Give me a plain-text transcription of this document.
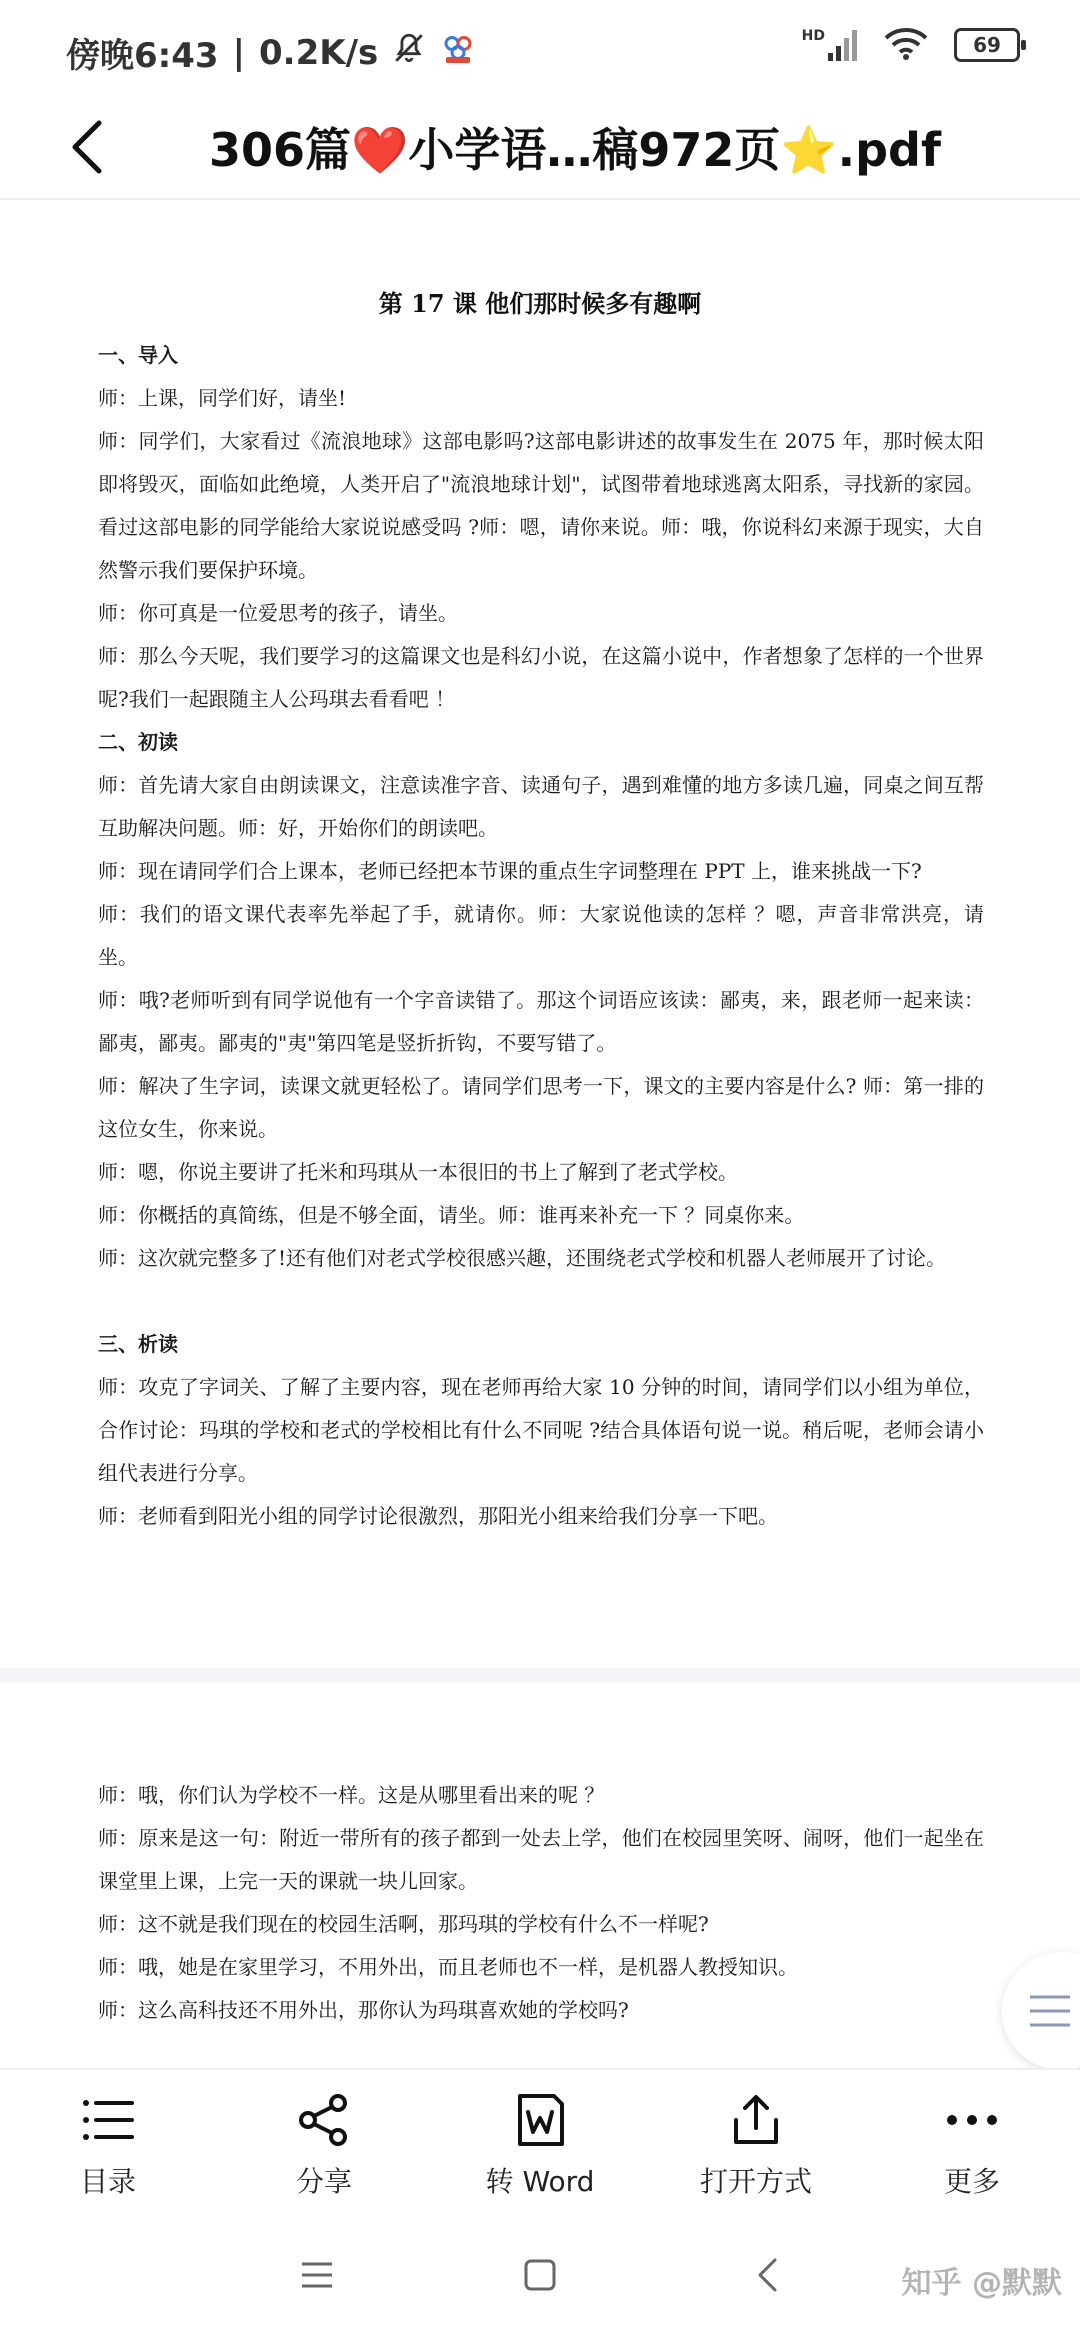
傍晚6:43 | 0.2K/s	HD	69
306篇❤️小学语…稿972页⭐.pdf
第 17 课 他们那时候多有趣啊
一、导入
师：上课，同学们好，请坐!
师：同学们，大家看过《流浪地球》这部电影吗?这部电影讲述的故事发生在 2075 年，那时候太阳即将毁灭，面临如此绝境，人类开启了"流浪地球计划"，试图带着地球逃离太阳系，寻找新的家园。看过这部电影的同学能给大家说说感受吗 ?师：嗯，请你来说。师：哦，你说科幻来源于现实，大自然警示我们要保护环境。
师：你可真是一位爱思考的孩子，请坐。
师：那么今天呢，我们要学习的这篇课文也是科幻小说，在这篇小说中，作者想象了怎样的一个世界呢?我们一起跟随主人公玛琪去看看吧 ！
二、初读
师：首先请大家自由朗读课文，注意读准字音、读通句子，遇到难懂的地方多读几遍，同桌之间互帮互助解决问题。师：好，开始你们的朗读吧。
师：现在请同学们合上课本，老师已经把本节课的重点生字词整理在 PPT 上，谁来挑战一下?
师：我们的语文课代表率先举起了手，就请你。师：大家说他读的怎样 ？嗯，声音非常洪亮，请坐。
师：哦?老师听到有同学说他有一个字音读错了。那这个词语应该读：鄙夷，来，跟老师一起来读：鄙夷，鄙夷。鄙夷的"夷"第四笔是竖折折钩，不要写错了。
师：解决了生字词，读课文就更轻松了。请同学们思考一下，课文的主要内容是什么? 师：第一排的这位女生，你来说。
师：嗯，你说主要讲了托米和玛琪从一本很旧的书上了解到了老式学校。
师：你概括的真简练，但是不够全面，请坐。师：谁再来补充一下 ？同桌你来。
师：这次就完整多了!还有他们对老式学校很感兴趣，还围绕老式学校和机器人老师展开了讨论。
三、析读
师：攻克了字词关、了解了主要内容，现在老师再给大家 10 分钟的时间，请同学们以小组为单位，合作讨论：玛琪的学校和老式的学校相比有什么不同呢 ?结合具体语句说一说。稍后呢，老师会请小组代表进行分享。
师：老师看到阳光小组的同学讨论很激烈，那阳光小组来给我们分享一下吧。
师：哦，你们认为学校不一样。这是从哪里看出来的呢 ？
师：原来是这一句：附近一带所有的孩子都到一处去上学，他们在校园里笑呀、闹呀，他们一起坐在课堂里上课，上完一天的课就一块儿回家。
师：这不就是我们现在的校园生活啊，那玛琪的学校有什么不一样呢?
师：哦，她是在家里学习，不用外出，而且老师也不一样，是机器人教授知识。
师：这么高科技还不用外出，那你认为玛琪喜欢她的学校吗?
目录	分享	转 Word	打开方式	更多
知乎 @默默
